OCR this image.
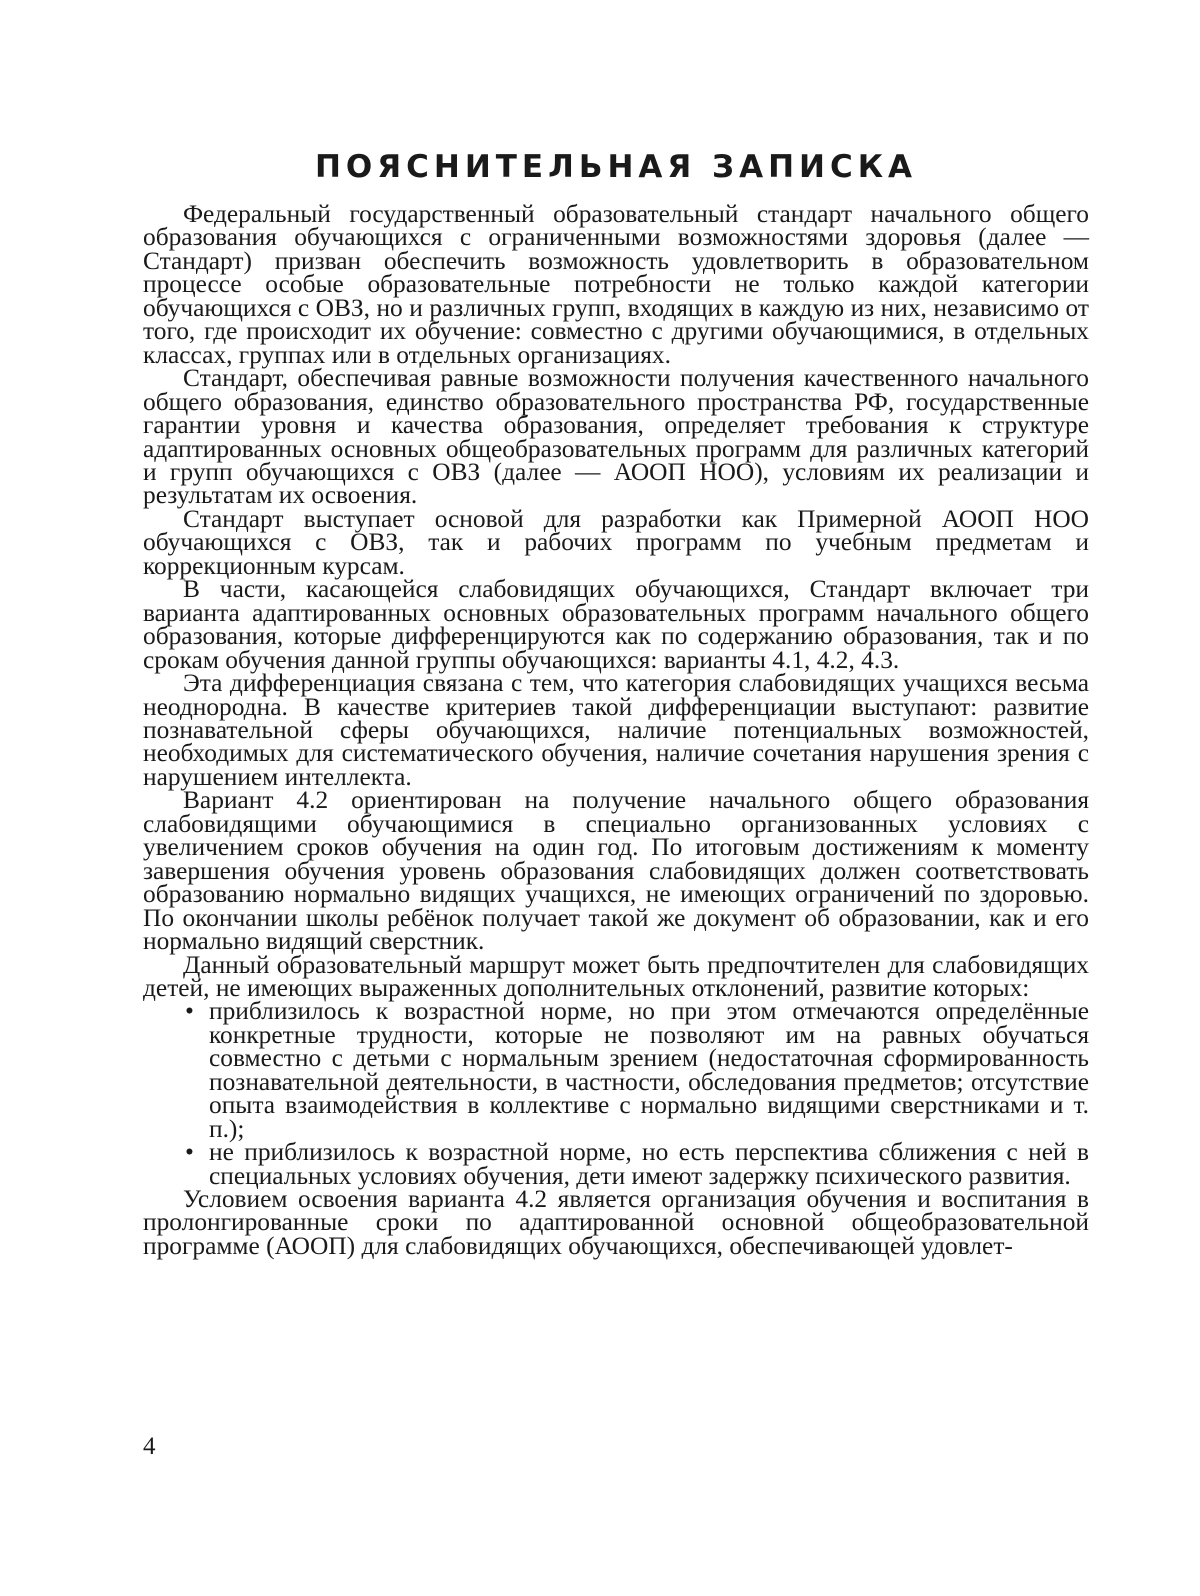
ПОЯСНИТЕЛЬНАЯ ЗАПИСКА

Федеральный государственный образовательный стандарт начального общего образования обучающихся с ограниченными возможностями здоровья (далее — Стандарт) призван обеспечить возможность удовлетворить в образовательном процессе особые образовательные потребности не только каждой категории обучающихся с ОВЗ, но и различных групп, входящих в каждую из них, независимо от того, где происходит их обучение: совместно с другими обучающимися, в отдельных классах, группах или в отдельных организациях.

Стандарт, обеспечивая равные возможности получения качественного начального общего образования, единство образовательного пространства РФ, государственные гарантии уровня и качества образования, определяет требования к структуре адаптированных основных общеобразовательных программ для различных категорий и групп обучающихся с ОВЗ (далее — АООП НОО), условиям их реализации и результатам их освоения.

Стандарт выступает основой для разработки как Примерной АООП НОО обучающихся с ОВЗ, так и рабочих программ по учебным предметам и коррекционным курсам.

В части, касающейся слабовидящих обучающихся, Стандарт включает три варианта адаптированных основных образовательных программ начального общего образования, которые дифференцируются как по содержанию образования, так и по срокам обучения данной группы обучающихся: варианты 4.1, 4.2, 4.3.

Эта дифференциация связана с тем, что категория слабовидящих учащихся весьма неоднородна. В качестве критериев такой дифференциации выступают: развитие познавательной сферы обучающихся, наличие потенциальных возможностей, необходимых для систематического обучения, наличие сочетания нарушения зрения с нарушением интеллекта.

Вариант 4.2 ориентирован на получение начального общего образования слабовидящими обучающимися в специально организованных условиях с увеличением сроков обучения на один год. По итоговым достижениям к моменту завершения обучения уровень образования слабовидящих должен соответствовать образованию нормально видящих учащихся, не имеющих ограничений по здоровью. По окончании школы ребёнок получает такой же документ об образовании, как и его нормально видящий сверстник.

Данный образовательный маршрут может быть предпочтителен для слабовидящих детей, не имеющих выраженных дополнительных отклонений, развитие которых:

• приблизилось к возрастной норме, но при этом отмечаются определённые конкретные трудности, которые не позволяют им на равных обучаться совместно с детьми с нормальным зрением (недостаточная сформированность познавательной деятельности, в частности, обследования предметов; отсутствие опыта взаимодействия в коллективе с нормально видящими сверстниками и т. п.);
• не приблизилось к возрастной норме, но есть перспектива сближения с ней в специальных условиях обучения, дети имеют задержку психического развития.

Условием освоения варианта 4.2 является организация обучения и воспитания в пролонгированные сроки по адаптированной основной общеобразовательной программе (АООП) для слабовидящих обучающихся, обеспечивающей удовлет-

4
